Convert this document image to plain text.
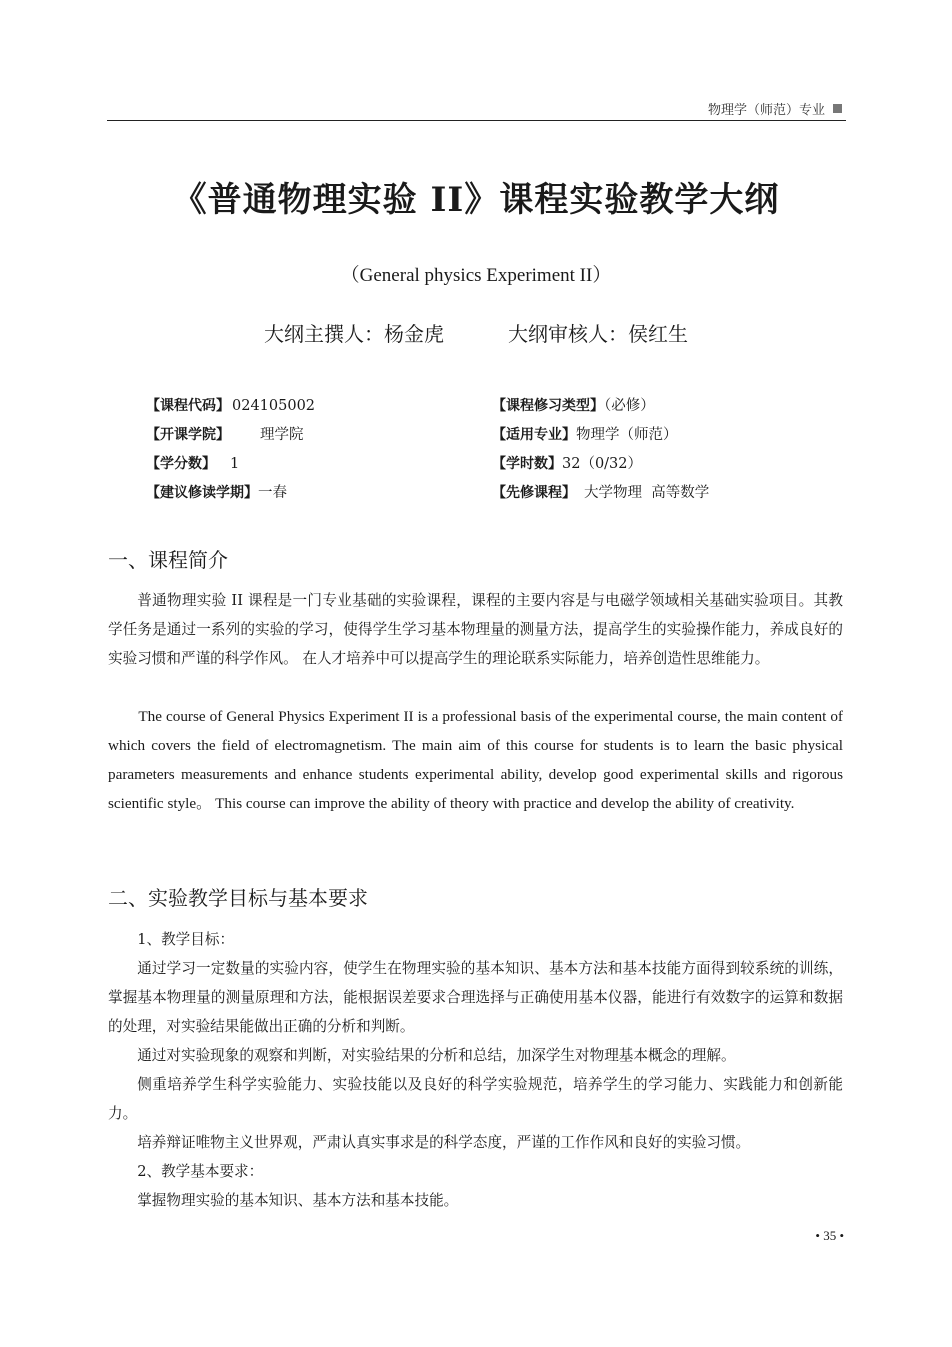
物理学（师范）专业
《普通物理实验 II》课程实验教学大纲
（General physics Experiment II）
大纲主撰人：杨金虎	大纲审核人：侯红生
【课程代码】 024105002	【课程修习类型】（必修）
【开课学院】 理学院	【适用专业】物理学（师范）
【学分数】 1	【学时数】32（0/32）
【建议修读学期】一春	【先修课程】 大学物理  高等数学
一、课程简介

普通物理实验 II 课程是一门专业基础的实验课程，课程的主要内容是与电磁学领域相关基础实验项目。其教学任务是通过一系列的实验的学习，使得学生学习基本物理量的测量方法，提高学生的实验操作能力，养成良好的实验习惯和严谨的科学作风。 在人才培养中可以提高学生的理论联系实际能力，培养创造性思维能力。

The course of General Physics Experiment II is a professional basis of the experimental course, the main content of which covers the field of electromagnetism. The main aim of this course for students is to learn the basic physical parameters measurements and enhance students experimental ability, develop good experimental skills and rigorous scientific style。 This course can improve the ability of theory with practice and develop the ability of creativity.

二、实验教学目标与基本要求

1、教学目标：

通过学习一定数量的实验内容，使学生在物理实验的基本知识、基本方法和基本技能方面得到较系统的训练，掌握基本物理量的测量原理和方法，能根据误差要求合理选择与正确使用基本仪器，能进行有效数字的运算和数据的处理，对实验结果能做出正确的分析和判断。

通过对实验现象的观察和判断，对实验结果的分析和总结，加深学生对物理基本概念的理解。

侧重培养学生科学实验能力、实验技能以及良好的科学实验规范，培养学生的学习能力、实践能力和创新能力。

培养辩证唯物主义世界观，严肃认真实事求是的科学态度，严谨的工作作风和良好的实验习惯。

2、教学基本要求：

掌握物理实验的基本知识、基本方法和基本技能。

• 35 •
